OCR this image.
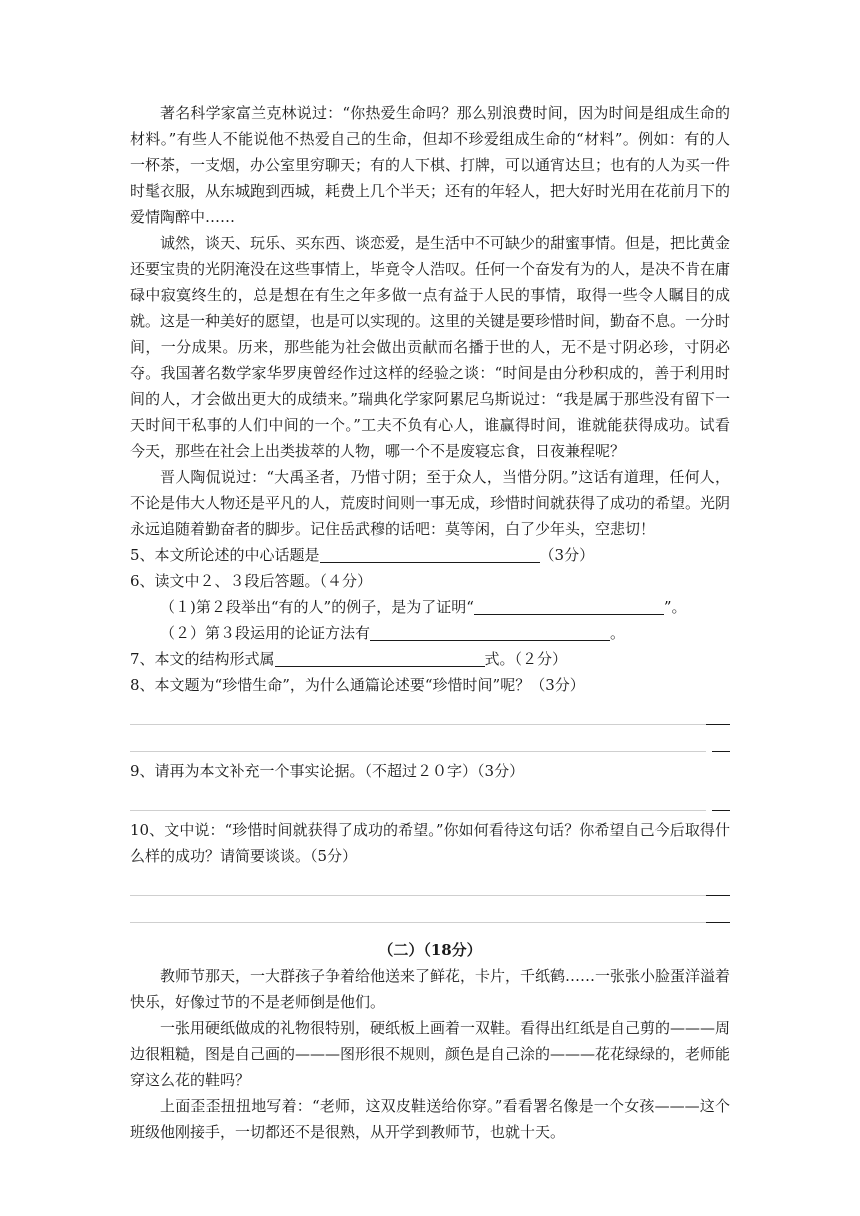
著名科学家富兰克林说过：“你热爱生命吗？那么别浪费时间，因为时间是组成生命的材料。”有些人不能说他不热爱自己的生命，但却不珍爱组成生命的“材料”。例如：有的人一杯茶，一支烟，办公室里穷聊天；有的人下棋、打牌，可以通宵达旦；也有的人为买一件时髦衣服，从东城跑到西城，耗费上几个半天；还有的年轻人，把大好时光用在花前月下的爱情陶醉中……

诚然，谈天、玩乐、买东西、谈恋爱，是生活中不可缺少的甜蜜事情。但是，把比黄金还要宝贵的光阴淹没在这些事情上，毕竟令人浩叹。任何一个奋发有为的人，是决不肯在庸碌中寂寞终生的，总是想在有生之年多做一点有益于人民的事情，取得一些令人瞩目的成就。这是一种美好的愿望，也是可以实现的。这里的关键是要珍惜时间，勤奋不息。一分时间，一分成果。历来，那些能为社会做出贡献而名播于世的人，无不是寸阴必珍，寸阴必夺。我国著名数学家华罗庚曾经作过这样的经验之谈：“时间是由分秒积成的，善于利用时间的人，才会做出更大的成绩来。”瑞典化学家阿累尼乌斯说过：“我是属于那些没有留下一天时间干私事的人们中间的一个。”工夫不负有心人，谁赢得时间，谁就能获得成功。试看今天，那些在社会上出类拔萃的人物，哪一个不是废寝忘食，日夜兼程呢？

晋人陶侃说过：“大禹圣者，乃惜寸阴；至于众人，当惜分阴。”这话有道理，任何人，不论是伟大人物还是平凡的人，荒废时间则一事无成，珍惜时间就获得了成功的希望。光阴永远追随着勤奋者的脚步。记住岳武穆的话吧：莫等闲，白了少年头，空悲切！

5、本文所论述的中心话题是	（3分）

6、读文中２、３段后答题。（４分）

（１)第２段举出“有的人”的例子，是为了证明“	”。

（２）第３段运用的论证方法有	。

7、本文的结构形式属	式。（２分）

8、本文题为“珍惜生命”，为什么通篇论述要“珍惜时间”呢？（3分）

9、请再为本文补充一个事实论据。（不超过２０字）（3分）

10、文中说：“珍惜时间就获得了成功的希望。”你如何看待这句话？你希望自己今后取得什么样的成功？请简要谈谈。（5分）

（二）（18分）

教师节那天，一大群孩子争着给他送来了鲜花，卡片，千纸鹤……一张张小脸蛋洋溢着快乐，好像过节的不是老师倒是他们。

一张用硬纸做成的礼物很特别，硬纸板上画着一双鞋。看得出红纸是自己剪的———周边很粗糙，图是自己画的———图形很不规则，颜色是自己涂的———花花绿绿的，老师能穿这么花的鞋吗？

上面歪歪扭扭地写着：“老师，这双皮鞋送给你穿。”看看署名像是一个女孩———这个班级他刚接手，一切都还不是很熟，从开学到教师节，也就十天。
